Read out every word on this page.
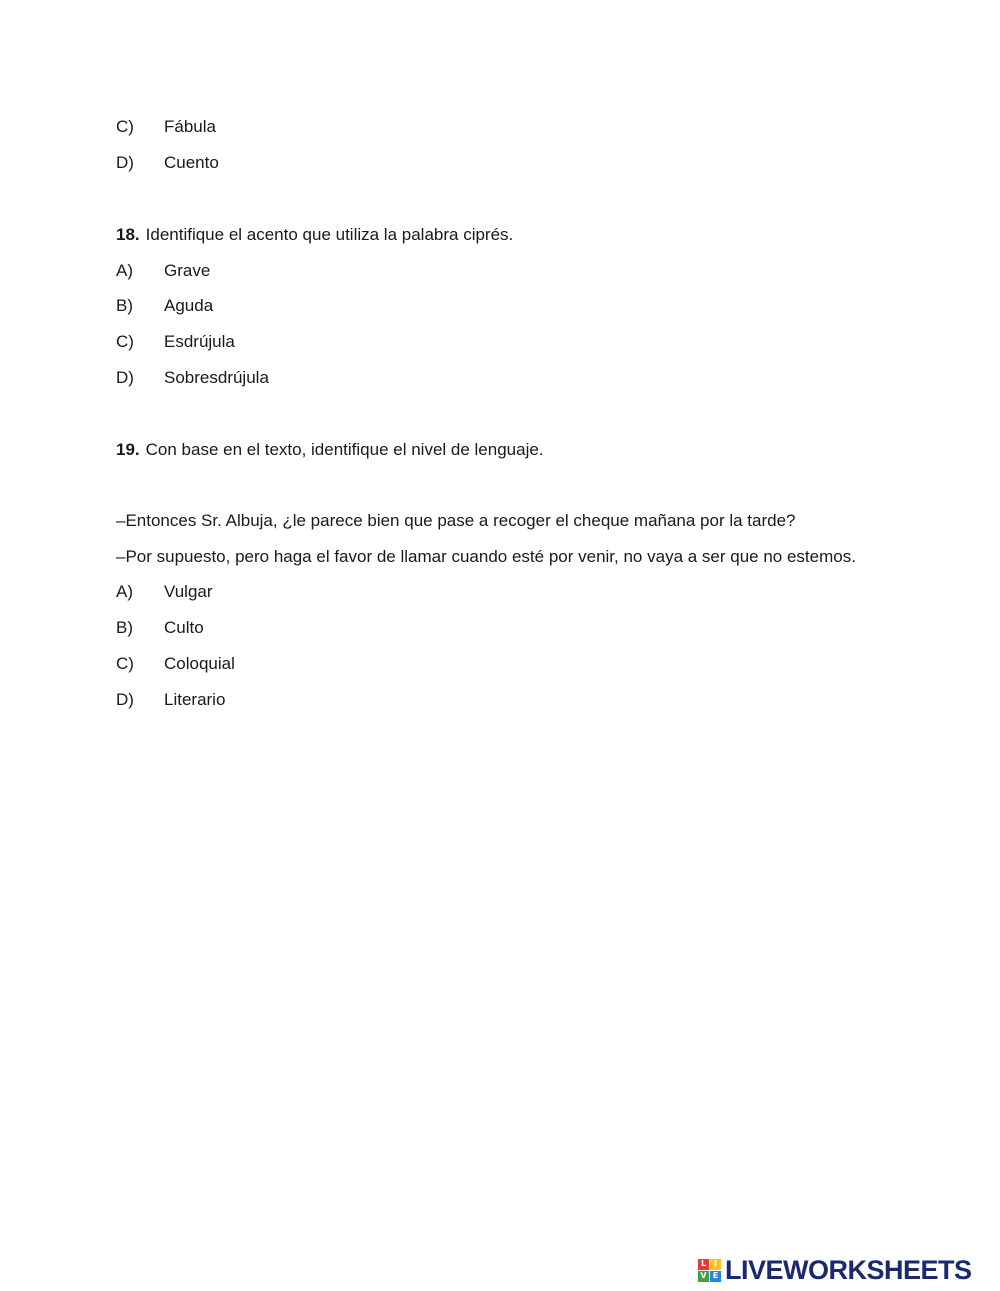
C)	Fábula
D)	Cuento
18. Identifique el acento que utiliza la palabra ciprés.
A)	Grave
B)	Aguda
C)	Esdrújula
D)	Sobresdrújula
19. Con base en el texto, identifique el nivel de lenguaje.
–Entonces Sr. Albuja, ¿le parece bien que pase a recoger el cheque mañana por la tarde?
–Por supuesto, pero haga el favor de llamar cuando esté por venir, no vaya a ser que no estemos.
A)	Vulgar
B)	Culto
C)	Coloquial
D)	Literario
L I
V E LIVEWORKSHEETS
